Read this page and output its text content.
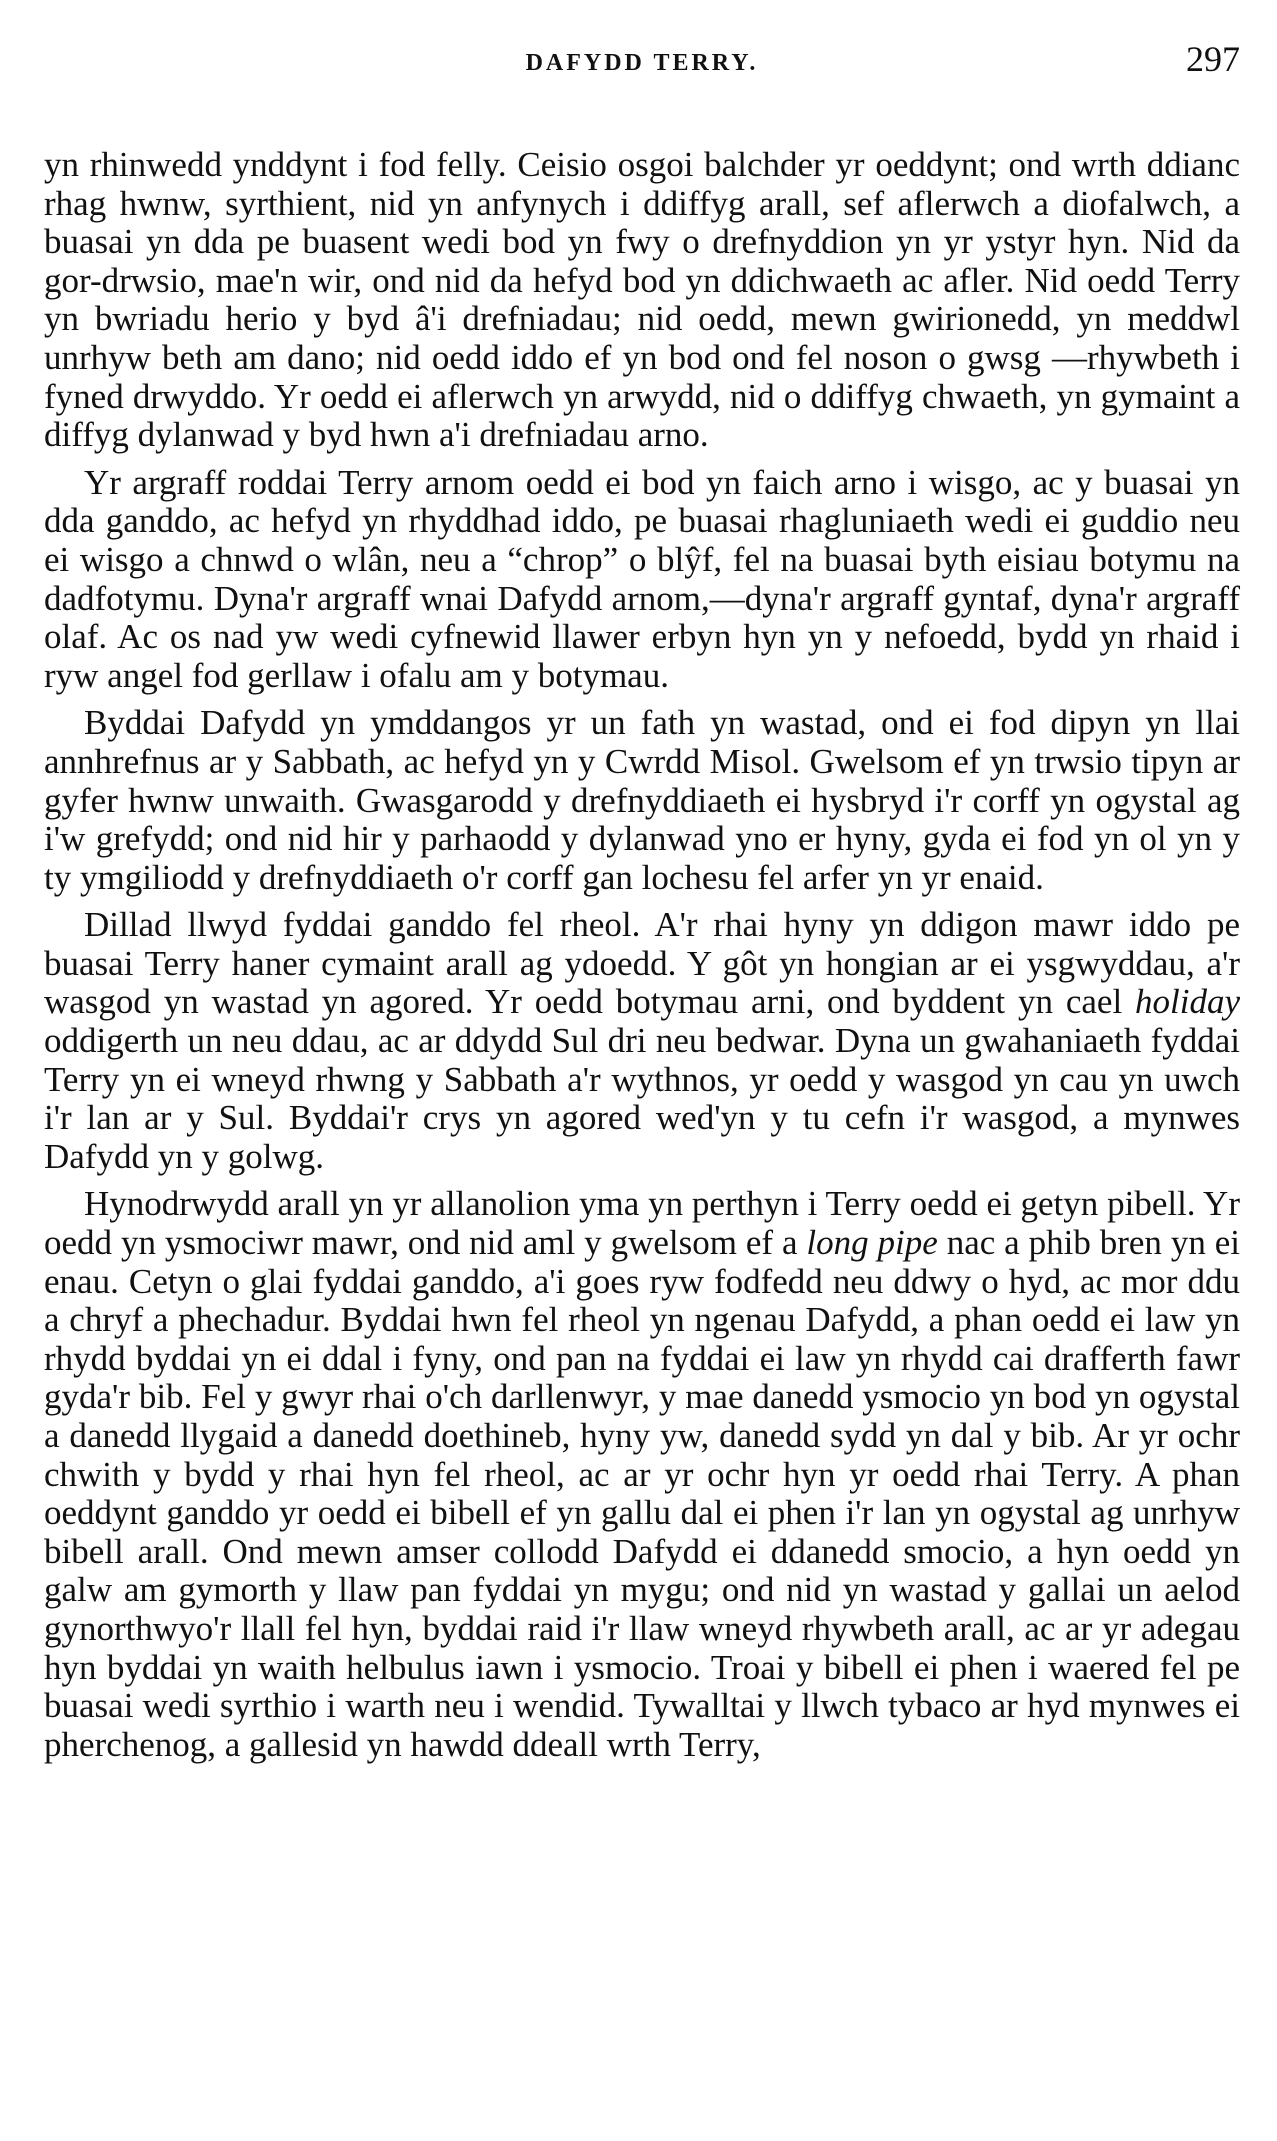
DAFYDD TERRY.	297

yn rhinwedd ynddynt i fod felly. Ceisio osgoi balchder yr oeddynt; ond wrth ddianc rhag hwnw, syrthient, nid yn anfynych i ddiffyg arall, sef aflerwch a diofalwch, a buasai yn dda pe buasent wedi bod yn fwy o drefnyddion yn yr ystyr hyn. Nid da gor-drwsio, mae'n wir, ond nid da hefyd bod yn ddichwaeth ac afler. Nid oedd Terry yn bwriadu herio y byd â'i drefniadau; nid oedd, mewn gwirionedd, yn meddwl unrhyw beth am dano; nid oedd iddo ef yn bod ond fel noson o gwsg —rhywbeth i fyned drwyddo. Yr oedd ei aflerwch yn arwydd, nid o ddiffyg chwaeth, yn gymaint a diffyg dylanwad y byd hwn a'i drefniadau arno.

Yr argraff roddai Terry arnom oedd ei bod yn faich arno i wisgo, ac y buasai yn dda ganddo, ac hefyd yn rhyddhad iddo, pe buasai rhagluniaeth wedi ei guddio neu ei wisgo a chnwd o wlân, neu a “chrop” o blŷf, fel na buasai byth eisiau botymu na dadfotymu. Dyna'r argraff wnai Dafydd arnom,—dyna'r argraff gyntaf, dyna'r argraff olaf. Ac os nad yw wedi cyfnewid llawer erbyn hyn yn y nefoedd, bydd yn rhaid i ryw angel fod gerllaw i ofalu am y botymau.

Byddai Dafydd yn ymddangos yr un fath yn wastad, ond ei fod dipyn yn llai annhrefnus ar y Sabbath, ac hefyd yn y Cwrdd Misol. Gwelsom ef yn trwsio tipyn ar gyfer hwnw unwaith. Gwasgarodd y drefnyddiaeth ei hysbryd i'r corff yn ogystal ag i'w grefydd; ond nid hir y parhaodd y dylanwad yno er hyny, gyda ei fod yn ol yn y ty ymgiliodd y drefnyddiaeth o'r corff gan lochesu fel arfer yn yr enaid.

Dillad llwyd fyddai ganddo fel rheol. A'r rhai hyny yn ddigon mawr iddo pe buasai Terry haner cymaint arall ag ydoedd. Y gôt yn hongian ar ei ysgwyddau, a'r wasgod yn wastad yn agored. Yr oedd botymau arni, ond byddent yn cael holiday oddigerth un neu ddau, ac ar ddydd Sul dri neu bedwar. Dyna un gwahaniaeth fyddai Terry yn ei wneyd rhwng y Sabbath a'r wythnos, yr oedd y wasgod yn cau yn uwch i'r lan ar y Sul. Byddai'r crys yn agored wed'yn y tu cefn i'r wasgod, a mynwes Dafydd yn y golwg.

Hynodrwydd arall yn yr allanolion yma yn perthyn i Terry oedd ei getyn pibell. Yr oedd yn ysmociwr mawr, ond nid aml y gwelsom ef a long pipe nac a phib bren yn ei enau. Cetyn o glai fyddai ganddo, a'i goes ryw fodfedd neu ddwy o hyd, ac mor ddu a chryf a phechadur. Byddai hwn fel rheol yn ngenau Dafydd, a phan oedd ei law yn rhydd byddai yn ei ddal i fyny, ond pan na fyddai ei law yn rhydd cai drafferth fawr gyda'r bib. Fel y gwyr rhai o'ch darllenwyr, y mae danedd ysmocio yn bod yn ogystal a danedd llygaid a danedd doethineb, hyny yw, danedd sydd yn dal y bib. Ar yr ochr chwith y bydd y rhai hyn fel rheol, ac ar yr ochr hyn yr oedd rhai Terry. A phan oeddynt ganddo yr oedd ei bibell ef yn gallu dal ei phen i'r lan yn ogystal ag unrhyw bibell arall. Ond mewn amser collodd Dafydd ei ddanedd smocio, a hyn oedd yn galw am gymorth y llaw pan fyddai yn mygu; ond nid yn wastad y gallai un aelod gynorthwyo'r llall fel hyn, byddai raid i'r llaw wneyd rhywbeth arall, ac ar yr adegau hyn byddai yn waith helbulus iawn i ysmocio. Troai y bibell ei phen i waered fel pe buasai wedi syrthio i warth neu i wendid. Tywalltai y llwch tybaco ar hyd mynwes ei pherchenog, a gallesid yn hawdd ddeall wrth Terry,
